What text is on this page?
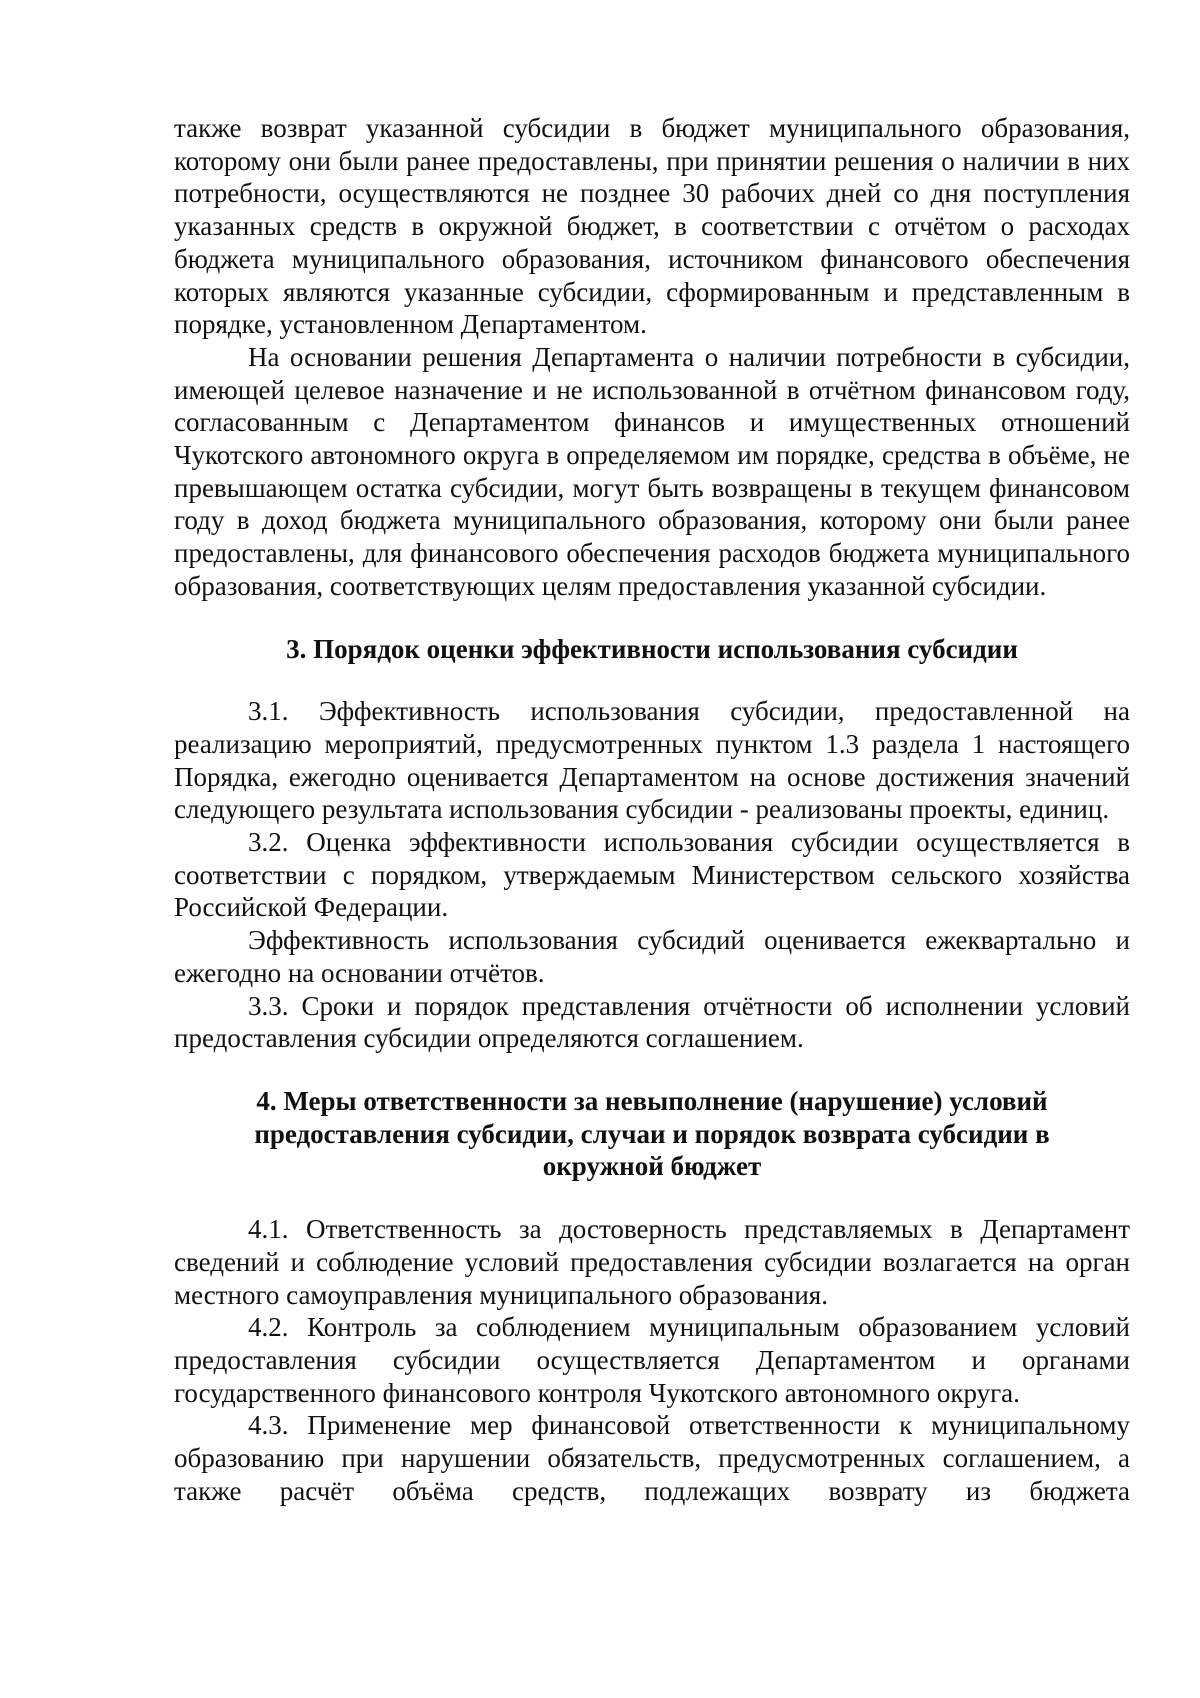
также возврат указанной субсидии в бюджет муниципального образования, которому они были ранее предоставлены, при принятии решения о наличии в них потребности, осуществляются не позднее 30 рабочих дней со дня поступления указанных средств в окружной бюджет, в соответствии с отчётом о расходах бюджета муниципального образования, источником финансового обеспечения которых являются указанные субсидии, сформированным и представленным в порядке, установленном Департаментом.

На основании решения Департамента о наличии потребности в субсидии, имеющей целевое назначение и не использованной в отчётном финансовом году, согласованным с Департаментом финансов и имущественных отношений Чукотского автономного округа в определяемом им порядке, средства в объёме, не превышающем остатка субсидии, могут быть возвращены в текущем финансовом году в доход бюджета муниципального образования, которому они были ранее предоставлены, для финансового обеспечения расходов бюджета муниципального образования, соответствующих целям предоставления указанной субсидии.

3. Порядок оценки эффективности использования субсидии

3.1. Эффективность использования субсидии, предоставленной на реализацию мероприятий, предусмотренных пунктом 1.3 раздела 1 настоящего Порядка, ежегодно оценивается Департаментом на основе достижения значений следующего результата использования субсидии - реализованы проекты, единиц.

3.2. Оценка эффективности использования субсидии осуществляется в соответствии с порядком, утверждаемым Министерством сельского хозяйства Российской Федерации.

Эффективность использования субсидий оценивается ежеквартально и ежегодно на основании отчётов.

3.3. Сроки и порядок представления отчётности об исполнении условий предоставления субсидии определяются соглашением.

4. Меры ответственности за невыполнение (нарушение) условий
предоставления субсидии, случаи и порядок возврата субсидии в
окружной бюджет

4.1. Ответственность за достоверность представляемых в Департамент сведений и соблюдение условий предоставления субсидии возлагается на орган местного самоуправления муниципального образования.

4.2. Контроль за соблюдением муниципальным образованием условий предоставления субсидии осуществляется Департаментом и органами государственного финансового контроля Чукотского автономного округа.

4.3. Применение мер финансовой ответственности к муниципальному образованию при нарушении обязательств, предусмотренных соглашением, а также расчёт объёма средств, подлежащих возврату из бюджета
